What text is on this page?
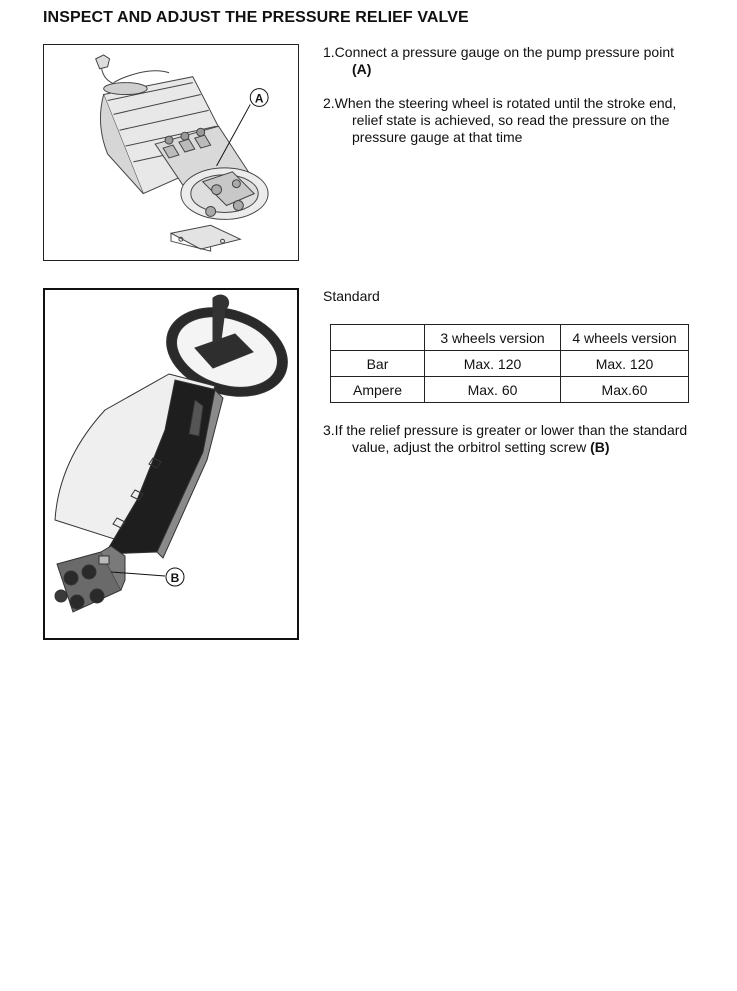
INSPECT AND ADJUST THE PRESSURE RELIEF VALVE
A
1.Connect a pressure gauge on the pump pressure point
(A)
2.When the steering wheel is rotated until the stroke end,
relief state is achieved, so read the pressure on the
pressure gauge at that time
B
Standard
	3 wheels version	4 wheels version
Bar	Max. 120	Max. 120
Ampere	Max. 60	Max.60
3.If the relief pressure is greater or lower than the standard
value, adjust the orbitrol setting screw (B)
